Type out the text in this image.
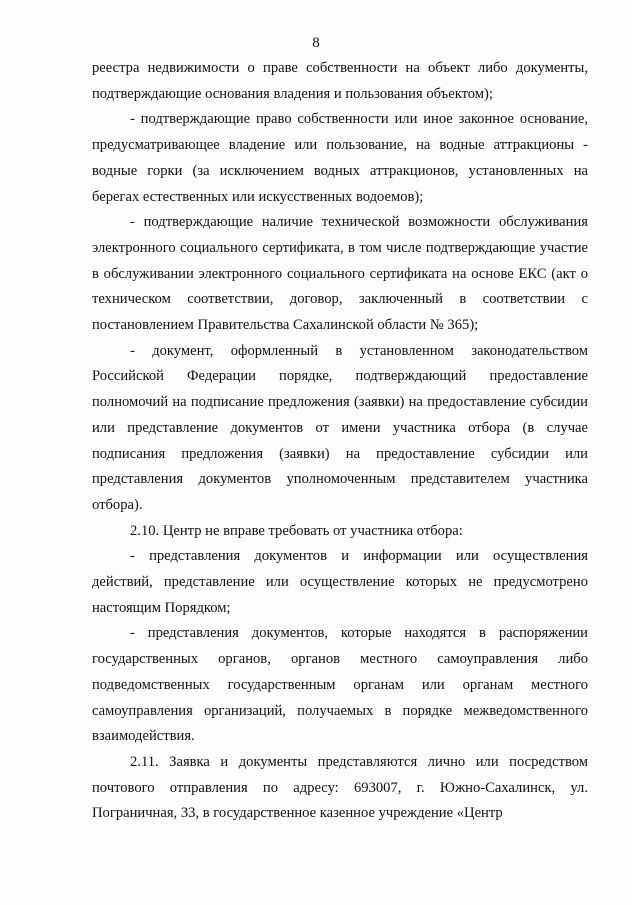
8

реестра недвижимости о праве собственности на объект либо документы, подтверждающие основания владения и пользования объектом);

- подтверждающие право собственности или иное законное основание, предусматривающее владение или пользование, на водные аттракционы - водные горки (за исключением водных аттракционов, установленных на берегах естественных или искусственных водоемов);

- подтверждающие наличие технической возможности обслуживания электронного социального сертификата, в том числе подтверждающие участие в обслуживании электронного социального сертификата на основе ЕКС (акт о техническом соответствии, договор, заключенный в соответствии с постановлением Правительства Сахалинской области № 365);

- документ, оформленный в установленном законодательством Российской Федерации порядке, подтверждающий предоставление полномочий на подписание предложения (заявки) на предоставление субсидии или представление документов от имени участника отбора (в случае подписания предложения (заявки) на предоставление субсидии или представления документов уполномоченным представителем участника отбора).

2.10. Центр не вправе требовать от участника отбора:

- представления документов и информации или осуществления действий, представление или осуществление которых не предусмотрено настоящим Порядком;

- представления документов, которые находятся в распоряжении государственных органов, органов местного самоуправления либо подведомственных государственным органам или органам местного самоуправления организаций, получаемых в порядке межведомственного взаимодействия.

2.11. Заявка и документы представляются лично или посредством почтового отправления по адресу: 693007, г. Южно-Сахалинск, ул. Пограничная, 33, в государственное казенное учреждение «Центр
